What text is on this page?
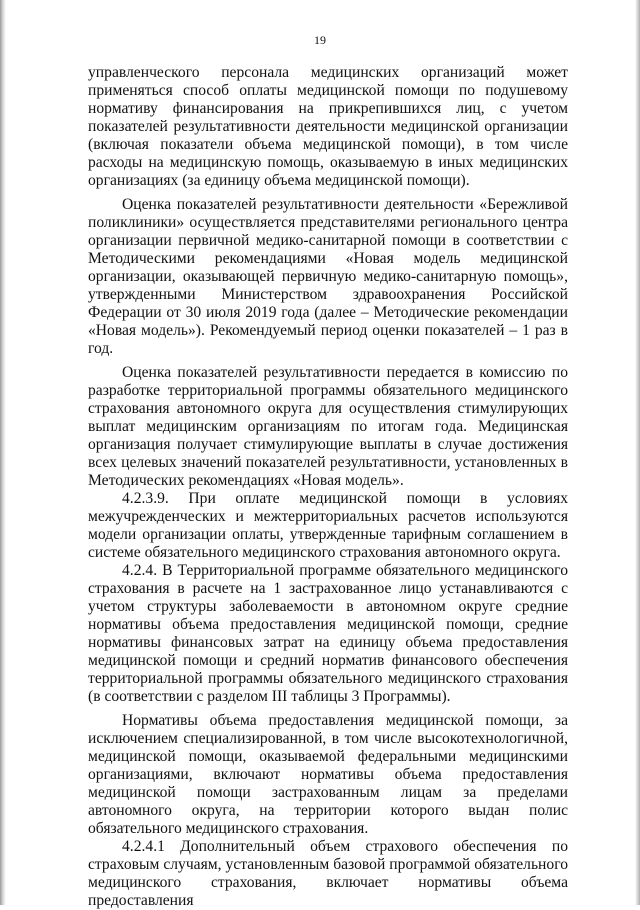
19

управленческого персонала медицинских организаций может применяться способ оплаты медицинской помощи по подушевому нормативу финансирования на прикрепившихся лиц, с учетом показателей результативности деятельности медицинской организации (включая показатели объема медицинской помощи), в том числе расходы на медицинскую помощь, оказываемую в иных медицинских организациях (за единицу объема медицинской помощи).

Оценка показателей результативности деятельности «Бережливой поликлиники» осуществляется представителями регионального центра организации первичной медико-санитарной помощи в соответствии с Методическими рекомендациями «Новая модель медицинской организации, оказывающей первичную медико-санитарную помощь», утвержденными Министерством здравоохранения Российской Федерации от 30 июля 2019 года (далее – Методические рекомендации «Новая модель»). Рекомендуемый период оценки показателей – 1 раз в год.

Оценка показателей результативности передается в комиссию по разработке территориальной программы обязательного медицинского страхования автономного округа для осуществления стимулирующих выплат медицинским организациям по итогам года. Медицинская организация получает стимулирующие выплаты в случае достижения всех целевых значений показателей результативности, установленных в Методических рекомендациях «Новая модель».

4.2.3.9. При оплате медицинской помощи в условиях межучрежденческих и межтерриториальных расчетов используются модели организации оплаты, утвержденные тарифным соглашением в системе обязательного медицинского страхования автономного округа.

4.2.4. В Территориальной программе обязательного медицинского страхования в расчете на 1 застрахованное лицо устанавливаются с учетом структуры заболеваемости в автономном округе средние нормативы объема предоставления медицинской помощи, средние нормативы финансовых затрат на единицу объема предоставления медицинской помощи и средний норматив финансового обеспечения территориальной программы обязательного медицинского страхования (в соответствии с разделом III таблицы 3 Программы).

Нормативы объема предоставления медицинской помощи, за исключением специализированной, в том числе высокотехнологичной, медицинской помощи, оказываемой федеральными медицинскими организациями, включают нормативы объема предоставления медицинской помощи застрахованным лицам за пределами автономного округа, на территории которого выдан полис обязательного медицинского страхования.

4.2.4.1 Дополнительный объем страхового обеспечения по страховым случаям, установленным базовой программой обязательного медицинского страхования, включает нормативы объема предоставления
